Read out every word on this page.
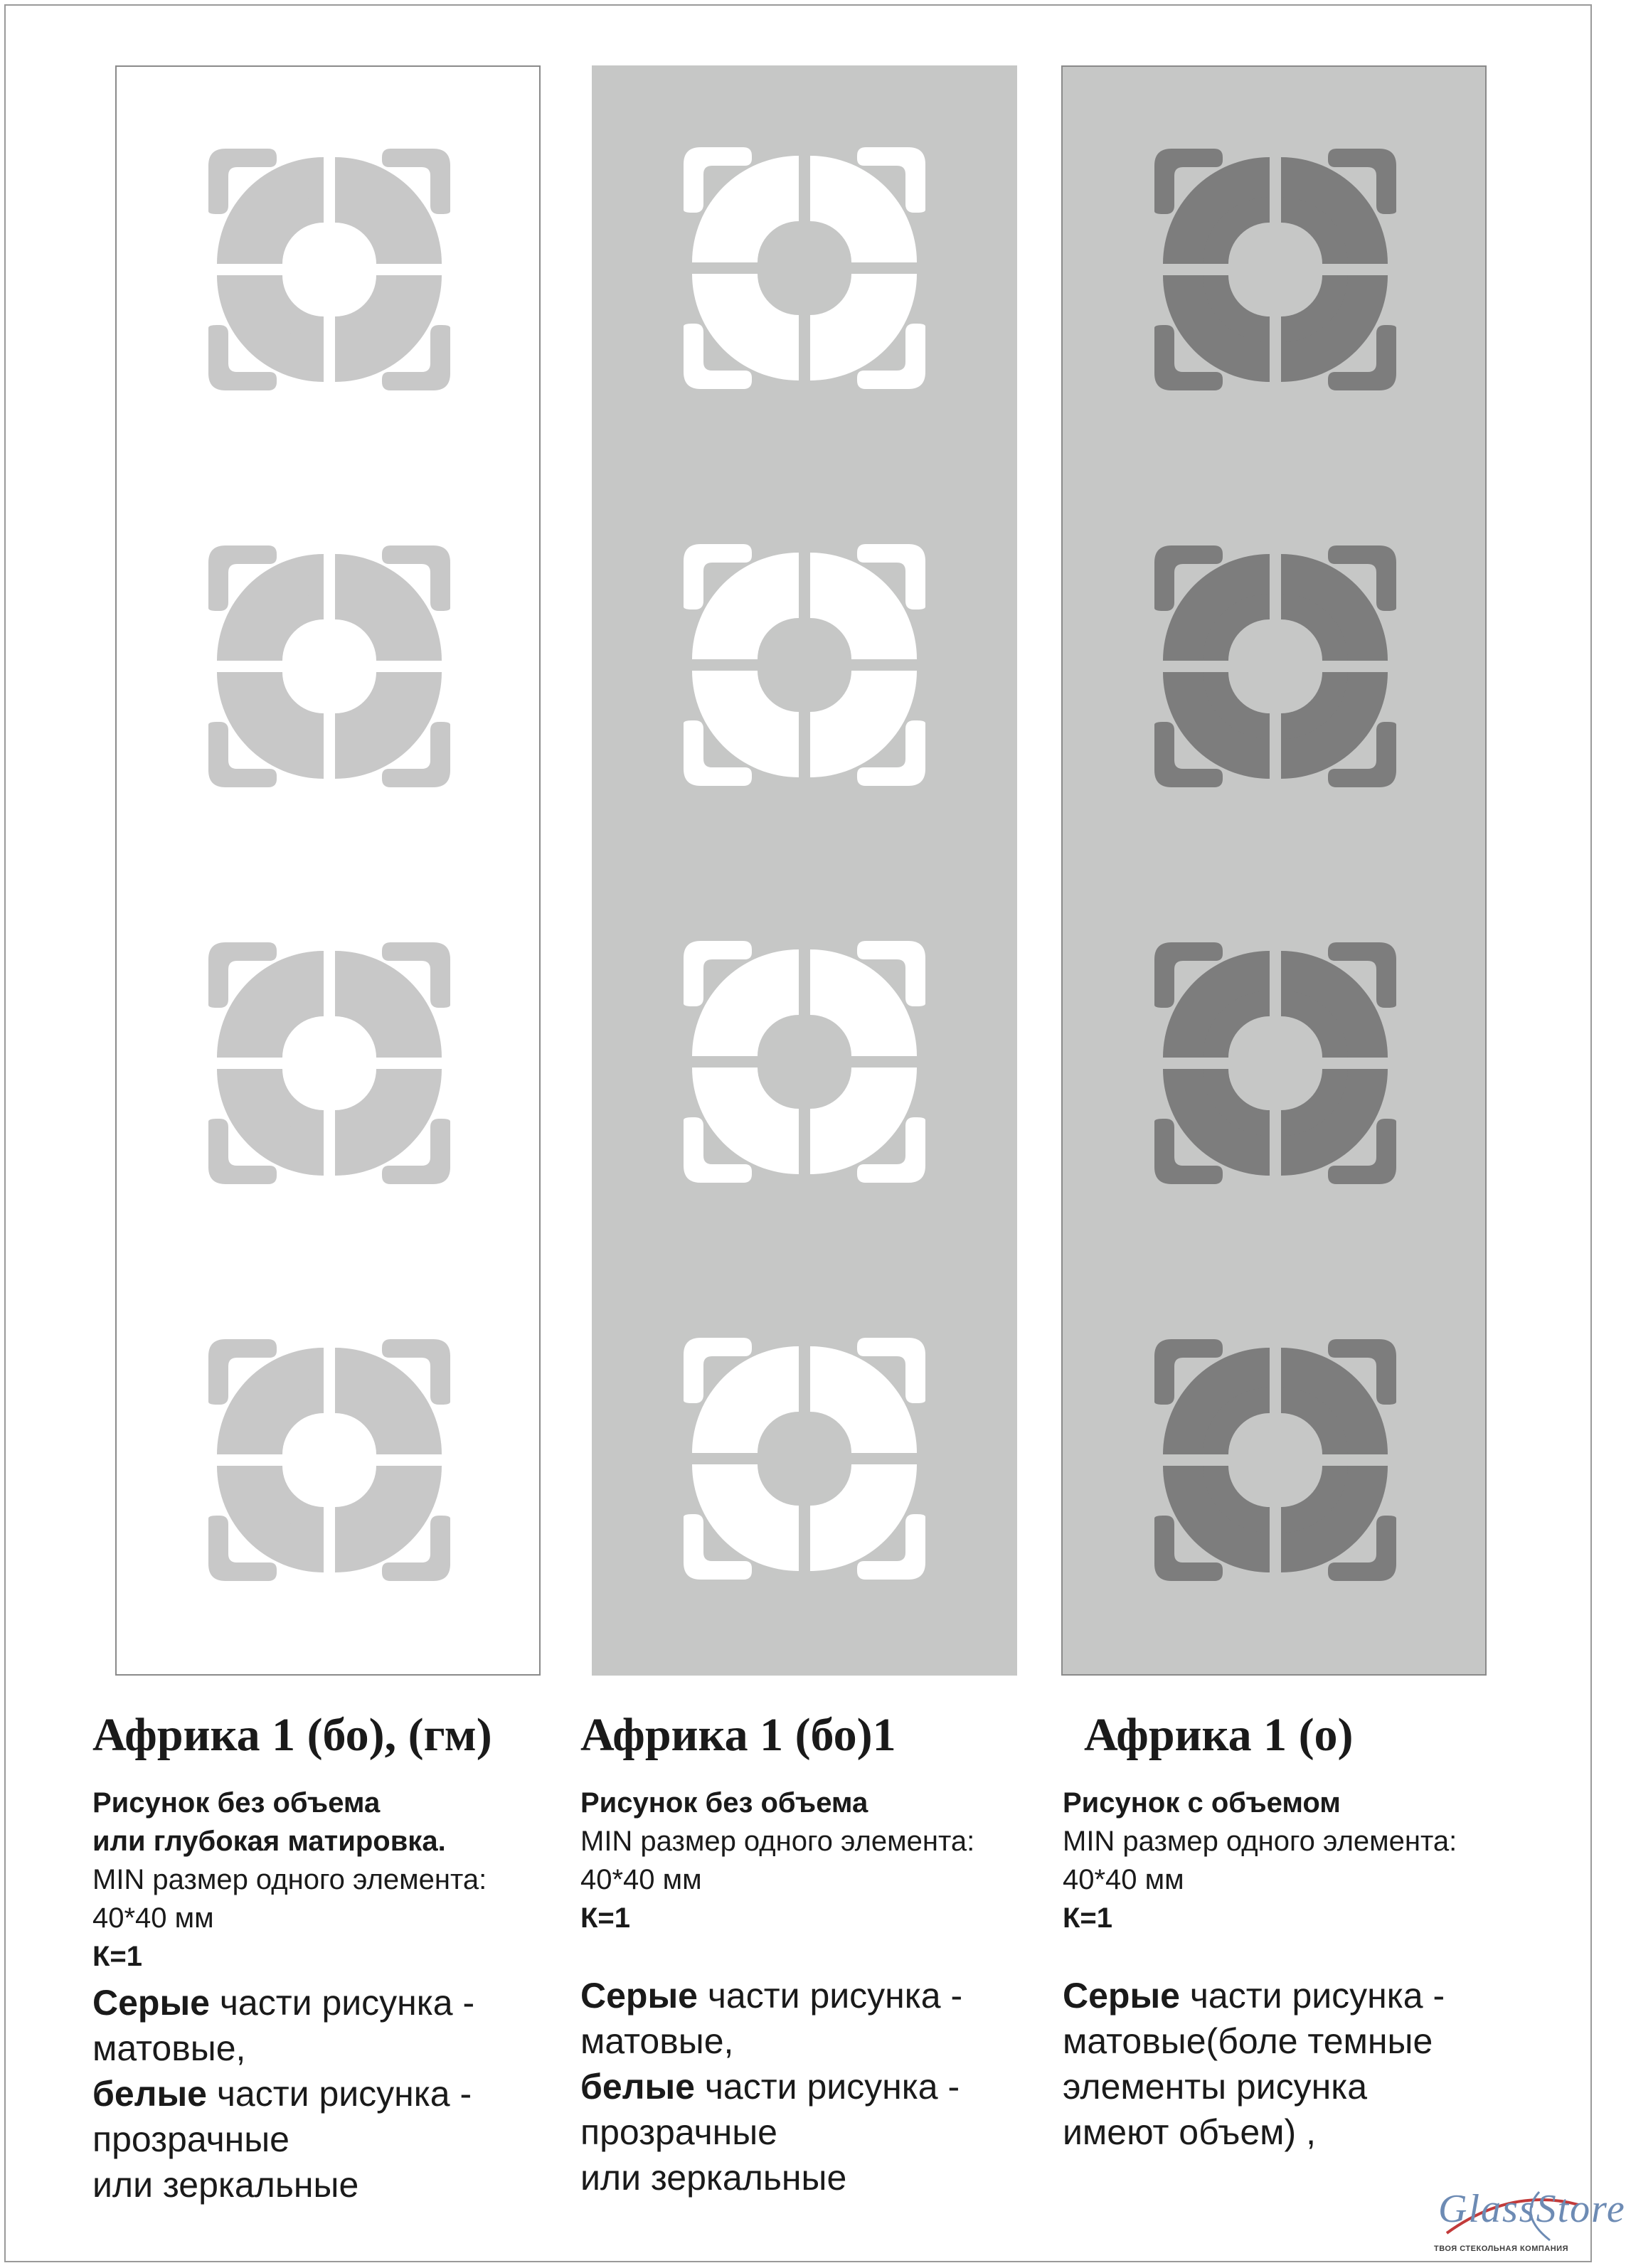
Африка 1 (бо), (гм)
Рисунок без объема
или глубокая матировка.
MIN размер одного элемента:
40*40 мм
К=1
Серые части рисунка -
матовые,
белые части рисунка -
прозрачные
или зеркальные
Африка 1 (бо)1
Рисунок без объема
MIN размер одного элемента:
40*40 мм
К=1
Серые части рисунка -
матовые,
белые части рисунка -
прозрачные
или зеркальные
Африка 1 (о)
Рисунок с объемом
MIN размер одного элемента:
40*40 мм
К=1
Серые части рисунка -
матовые(боле темные
элементы рисунка
имеют объем) ,
GlassStore
ТВОЯ СТЕКОЛЬНАЯ КОМПАНИЯ
